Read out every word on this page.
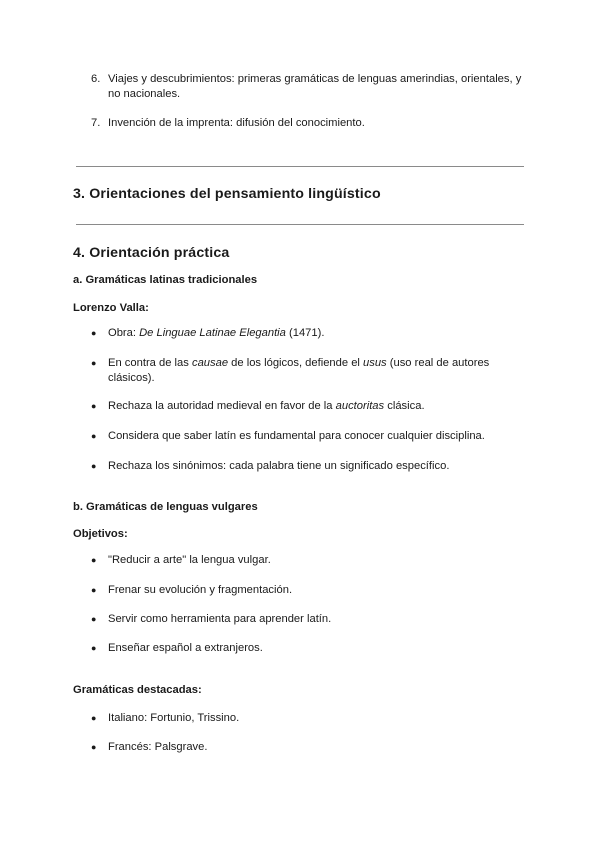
6. Viajes y descubrimientos: primeras gramáticas de lenguas amerindias, orientales, y no nacionales.
7. Invención de la imprenta: difusión del conocimiento.
3. Orientaciones del pensamiento lingüístico
4. Orientación práctica
a. Gramáticas latinas tradicionales
Lorenzo Valla:
● Obra: De Linguae Latinae Elegantia (1471).
● En contra de las causae de los lógicos, defiende el usus (uso real de autores clásicos).
● Rechaza la autoridad medieval en favor de la auctoritas clásica.
● Considera que saber latín es fundamental para conocer cualquier disciplina.
● Rechaza los sinónimos: cada palabra tiene un significado específico.
b. Gramáticas de lenguas vulgares
Objetivos:
● "Reducir a arte" la lengua vulgar.
● Frenar su evolución y fragmentación.
● Servir como herramienta para aprender latín.
● Enseñar español a extranjeros.
Gramáticas destacadas:
● Italiano: Fortunio, Trissino.
● Francés: Palsgrave.
